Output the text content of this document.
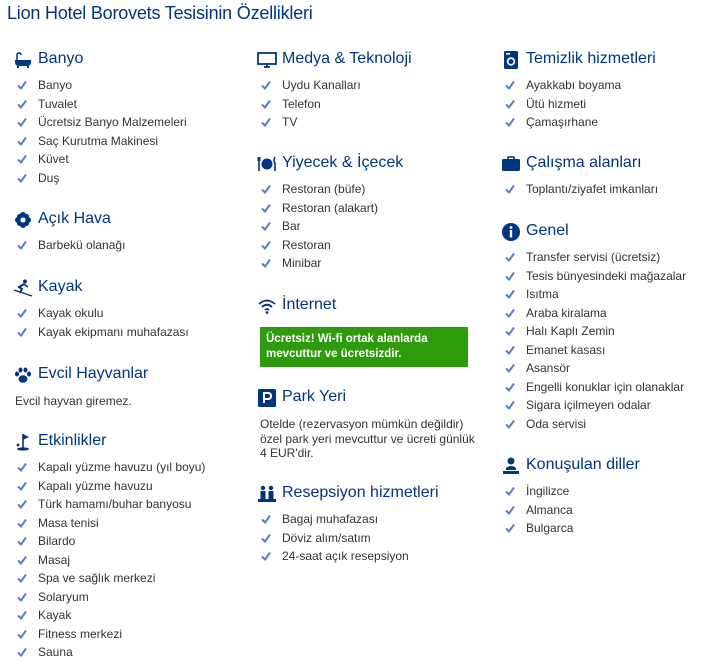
Lion Hotel Borovets Tesisinin Özellikleri
Banyo
Banyo
Tuvalet
Ücretsiz Banyo Malzemeleri
Saç Kurutma Makinesi
Küvet
Duş
Açık Hava
Barbekü olanağı
Kayak
Kayak okulu
Kayak ekipmanı muhafazası
Evcil Hayvanlar
Evcil hayvan giremez.
Etkinlikler
Kapalı yüzme havuzu (yıl boyu)
Kapalı yüzme havuzu
Türk hamamı/buhar banyosu
Masa tenisi
Bilardo
Masaj
Spa ve sağlık merkezi
Solaryum
Kayak
Fitness merkezi
Sauna
Medya & Teknoloji
Uydu Kanalları
Telefon
TV
Yiyecek & İçecek
Restoran (büfe)
Restoran (alakart)
Bar
Restoran
Minibar
İnternet
Ücretsiz! Wi-fi ortak alanlarda mevcuttur ve ücretsizdir.
Park Yeri
Otelde (rezervasyon mümkün değildir) özel park yeri mevcuttur ve ücreti günlük 4 EUR'dir.
Resepsiyon hizmetleri
Bagaj muhafazası
Döviz alım/satım
24-saat açık resepsiyon
Temizlik hizmetleri
Ayakkabı boyama
Ütü hizmeti
Çamaşırhane
Çalışma alanları
Toplantı/ziyafet imkanları
Genel
Transfer servisi (ücretsiz)
Tesis bünyesindeki mağazalar
Isıtma
Araba kiralama
Halı Kaplı Zemin
Emanet kasası
Asansör
Engelli konuklar için olanaklar
Sigara içilmeyen odalar
Oda servisi
Konuşulan diller
İngilizce
Almanca
Bulgarca
